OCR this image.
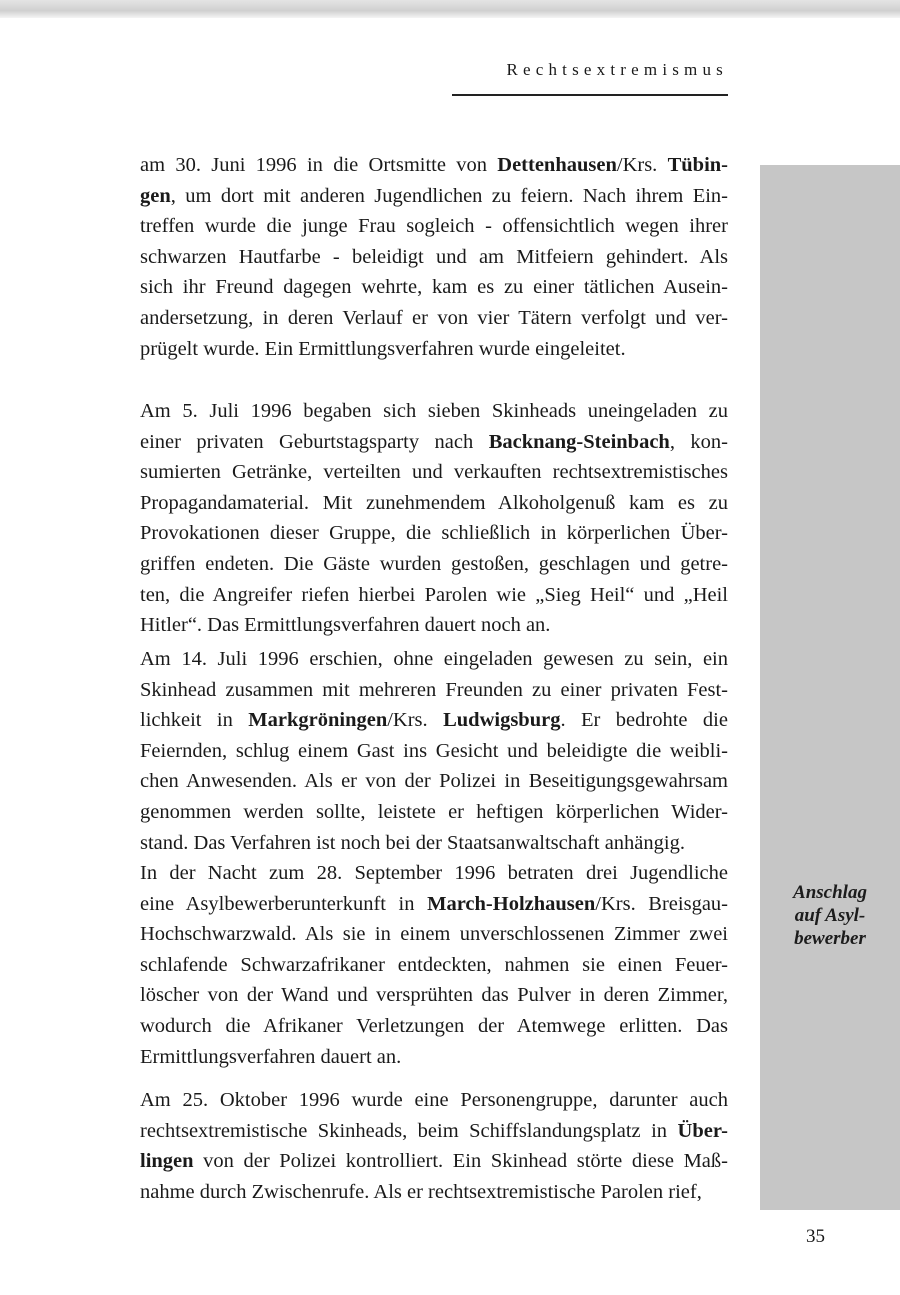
Rechtsextremismus
Anschlag
auf Asyl-
bewerber
am 30. Juni 1996 in die Ortsmitte von Dettenhausen/Krs. Tübin-
gen, um dort mit anderen Jugendlichen zu feiern. Nach ihrem Ein-
treffen wurde die junge Frau sogleich - offensichtlich wegen ihrer
schwarzen Hautfarbe - beleidigt und am Mitfeiern gehindert. Als
sich ihr Freund dagegen wehrte, kam es zu einer tätlichen Ausein-
andersetzung, in deren Verlauf er von vier Tätern verfolgt und ver-
prügelt wurde. Ein Ermittlungsverfahren wurde eingeleitet.
Am 5. Juli 1996 begaben sich sieben Skinheads uneingeladen zu
einer privaten Geburtstagsparty nach Backnang-Steinbach, kon-
sumierten Getränke, verteilten und verkauften rechtsextremistisches
Propagandamaterial. Mit zunehmendem Alkoholgenuß kam es zu
Provokationen dieser Gruppe, die schließlich in körperlichen Über-
griffen endeten. Die Gäste wurden gestoßen, geschlagen und getre-
ten, die Angreifer riefen hierbei Parolen wie „Sieg Heil“ und „Heil
Hitler“. Das Ermittlungsverfahren dauert noch an.
Am 14. Juli 1996 erschien, ohne eingeladen gewesen zu sein, ein
Skinhead zusammen mit mehreren Freunden zu einer privaten Fest-
lichkeit in Markgröningen/Krs. Ludwigsburg. Er bedrohte die
Feiernden, schlug einem Gast ins Gesicht und beleidigte die weibli-
chen Anwesenden. Als er von der Polizei in Beseitigungsgewahrsam
genommen werden sollte, leistete er heftigen körperlichen Wider-
stand. Das Verfahren ist noch bei der Staatsanwaltschaft anhängig.
In der Nacht zum 28. September 1996 betraten drei Jugendliche
eine Asylbewerberunterkunft in March-Holzhausen/Krs. Breisgau-
Hochschwarzwald. Als sie in einem unverschlossenen Zimmer zwei
schlafende Schwarzafrikaner entdeckten, nahmen sie einen Feuer-
löscher von der Wand und versprühten das Pulver in deren Zimmer,
wodurch die Afrikaner Verletzungen der Atemwege erlitten. Das
Ermittlungsverfahren dauert an.
Am 25. Oktober 1996 wurde eine Personengruppe, darunter auch
rechtsextremistische Skinheads, beim Schiffslandungsplatz in Über-
lingen von der Polizei kontrolliert. Ein Skinhead störte diese Maß-
nahme durch Zwischenrufe. Als er rechtsextremistische Parolen rief,
35
